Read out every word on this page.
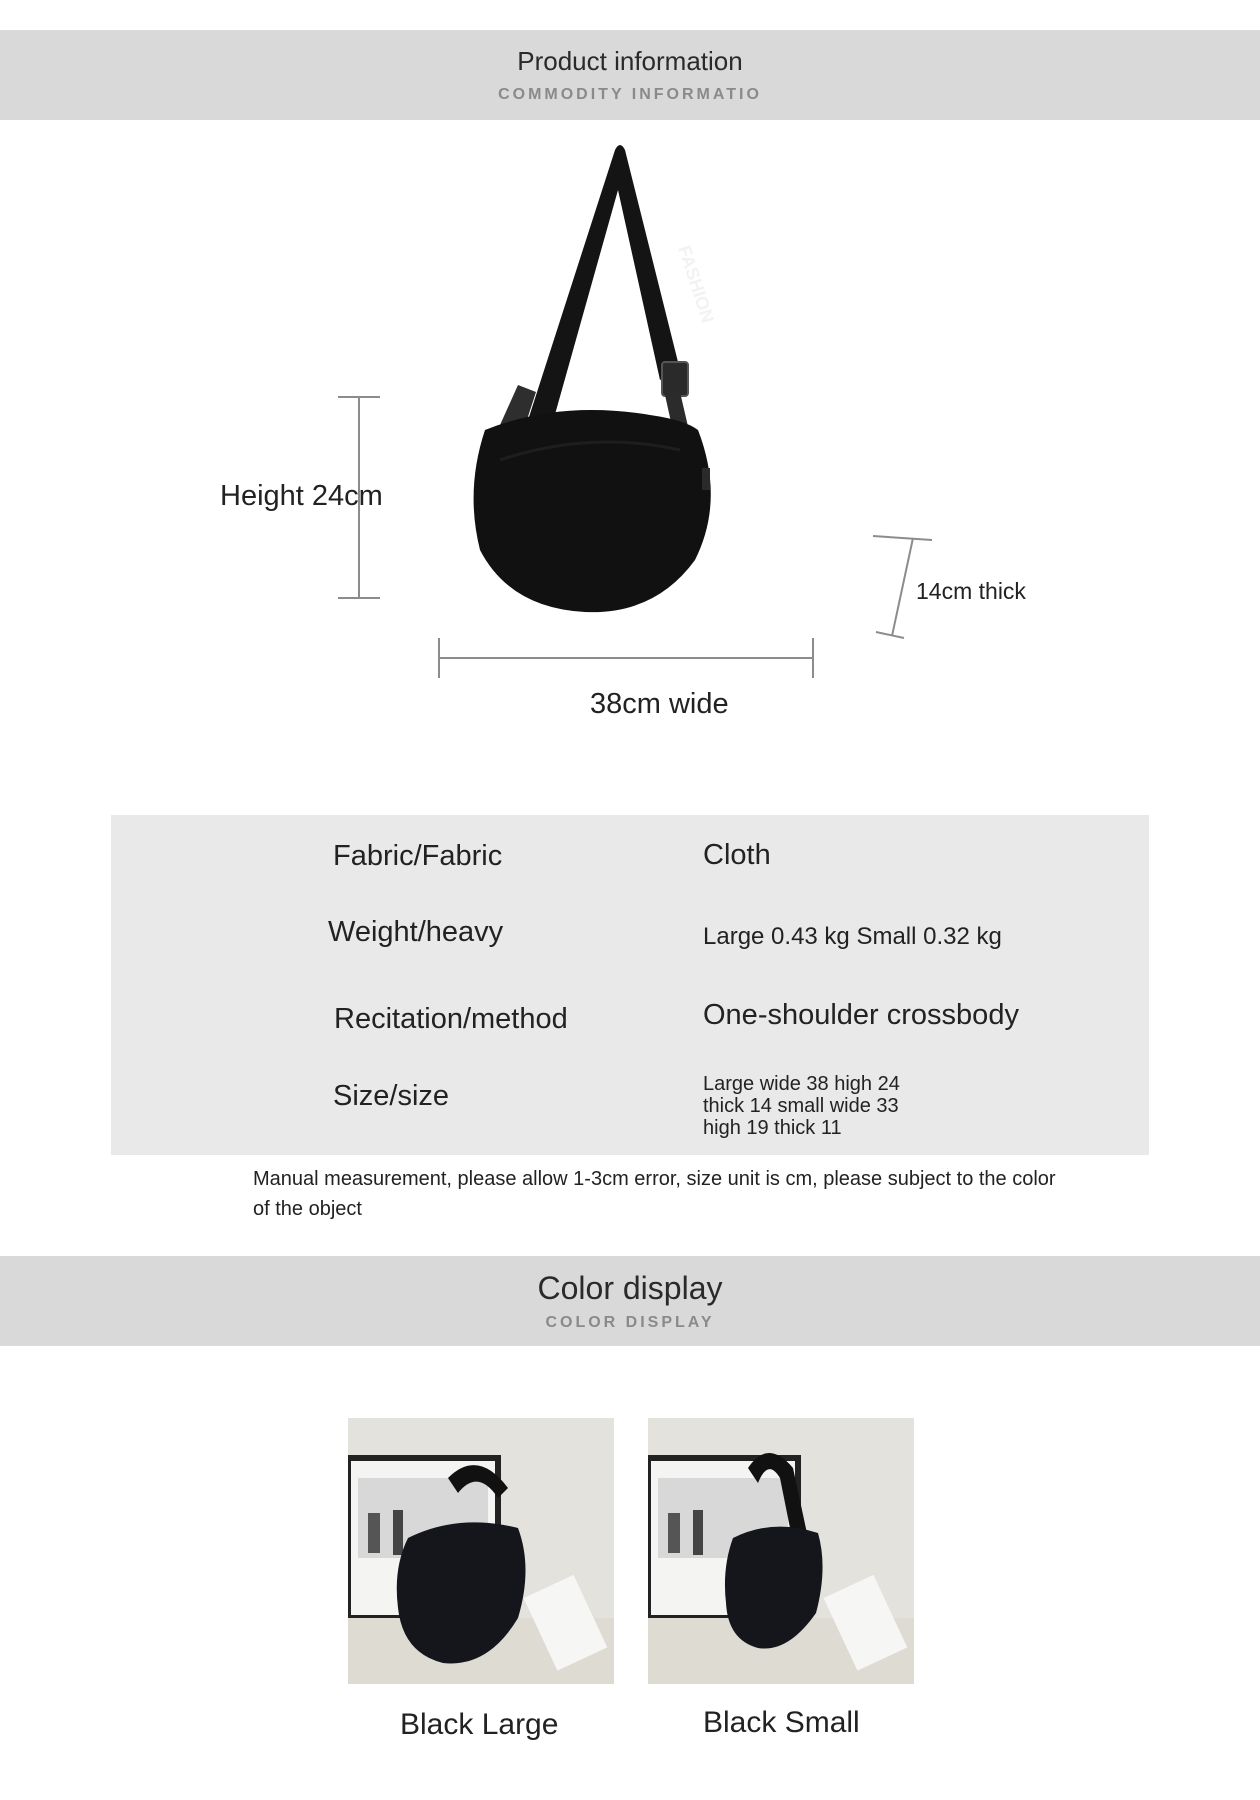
Product information
COMMODITY INFORMATIO
FASHION
Height 24cm
38cm wide
14cm thick
Fabric/Fabric	Cloth
Weight/heavy	Large 0.43 kg Small 0.32 kg
Recitation/method	One-shoulder crossbody
Size/size	Large wide 38 high 24
thick 14 small wide 33
high 19 thick 11
Manual measurement, please allow 1-3cm error, size unit is cm, please subject to the color of the object
Color display
COLOR DISPLAY
Black Large	Black Small
